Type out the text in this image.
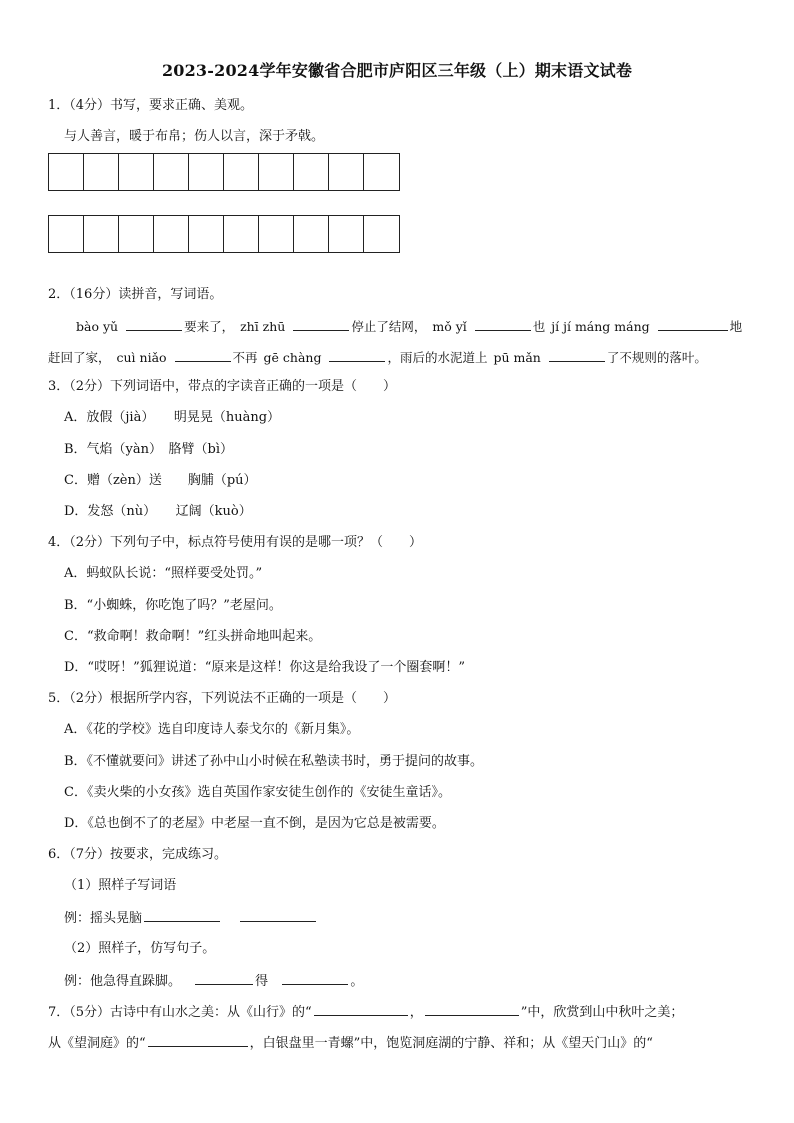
2023-2024学年安徽省合肥市庐阳区三年级（上）期末语文试卷
1．（4分）书写，要求正确、美观。
与人善言，暖于布帛；伤人以言，深于矛戟。
2．（16分）读拼音，写词语。
bào yǔ	要来了， zhī zhū	停止了结网， mǒ yǐ	也 jí jí máng máng	地
赶回了家， cuì niǎo	不再 gē chàng	，雨后的水泥道上 pū mǎn	了不规则的落叶。
3．（2分）下列词语中，带点的字读音正确的一项是（　　）
A．放假（jià）　　明晃晃（huàng）
B．气焰（yàn）　胳臂（bì）
C．赠（zèn）送　　胸脯（pú）
D．发怒（nù）　　辽阔（kuò）
4．（2分）下列句子中，标点符号使用有误的是哪一项？（　　）
A．蚂蚁队长说：“照样要受处罚。”
B．“小蜘蛛，你吃饱了吗？”老屋问。
C．“救命啊！救命啊！”红头拼命地叫起来。
D．“哎呀！”狐狸说道：“原来是这样！你这是给我设了一个圈套啊！”
5．（2分）根据所学内容，下列说法不正确的一项是（　　）
A．《花的学校》选自印度诗人泰戈尔的《新月集》。
B．《不懂就要问》讲述了孙中山小时候在私塾读书时，勇于提问的故事。
C．《卖火柴的小女孩》选自英国作家安徒生创作的《安徒生童话》。
D．《总也倒不了的老屋》中老屋一直不倒，是因为它总是被需要。
6．（7分）按要求，完成练习。
（1）照样子写词语
例：摇头晃脑
（2）照样子，仿写句子。
例：他急得直跺脚。	得	。
7．（5分）古诗中有山水之美：从《山行》的“	，	”中，欣赏到山中秋叶之美；
从《望洞庭》的“	，白银盘里一青螺”中，饱览洞庭湖的宁静、祥和；从《望天门山》的“
